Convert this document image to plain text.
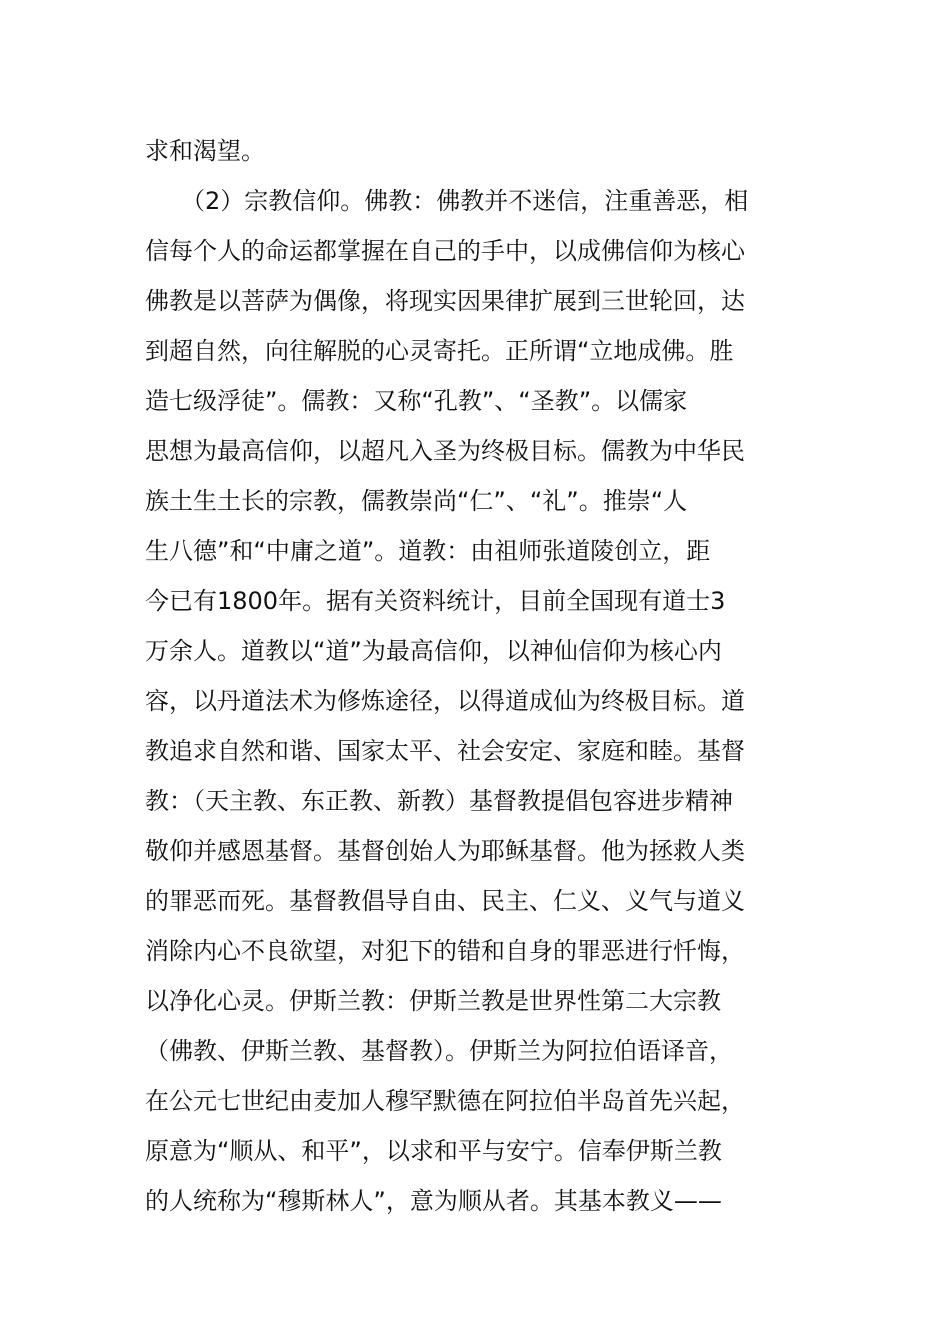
求和渴望。
　　（2）宗教信仰。佛教：佛教并不迷信，注重善恶，相
信每个人的命运都掌握在自己的手中，以成佛信仰为核心
佛教是以菩萨为偶像，将现实因果律扩展到三世轮回，达
到超自然，向往解脱的心灵寄托。正所谓“立地成佛。胜
造七级浮徒”。儒教：又称“孔教”、“圣教”。以儒家
思想为最高信仰，以超凡入圣为终极目标。儒教为中华民
族土生土长的宗教，儒教崇尚“仁”、“礼”。推崇“人
生八德”和“中庸之道”。道教：由祖师张道陵创立，距
今已有1800年。据有关资料统计，目前全国现有道士3
万余人。道教以“道”为最高信仰，以神仙信仰为核心内
容，以丹道法术为修炼途径，以得道成仙为终极目标。道
教追求自然和谐、国家太平、社会安定、家庭和睦。基督
教：（天主教、东正教、新教）基督教提倡包容进步精神
敬仰并感恩基督。基督创始人为耶稣基督。他为拯救人类
的罪恶而死。基督教倡导自由、民主、仁义、义气与道义
消除内心不良欲望，对犯下的错和自身的罪恶进行忏悔，
以净化心灵。伊斯兰教：伊斯兰教是世界性第二大宗教
（佛教、伊斯兰教、基督教）。伊斯兰为阿拉伯语译音，
在公元七世纪由麦加人穆罕默德在阿拉伯半岛首先兴起，
原意为“顺从、和平”，以求和平与安宁。信奉伊斯兰教
的人统称为“穆斯林人”，意为顺从者。其基本教义——
